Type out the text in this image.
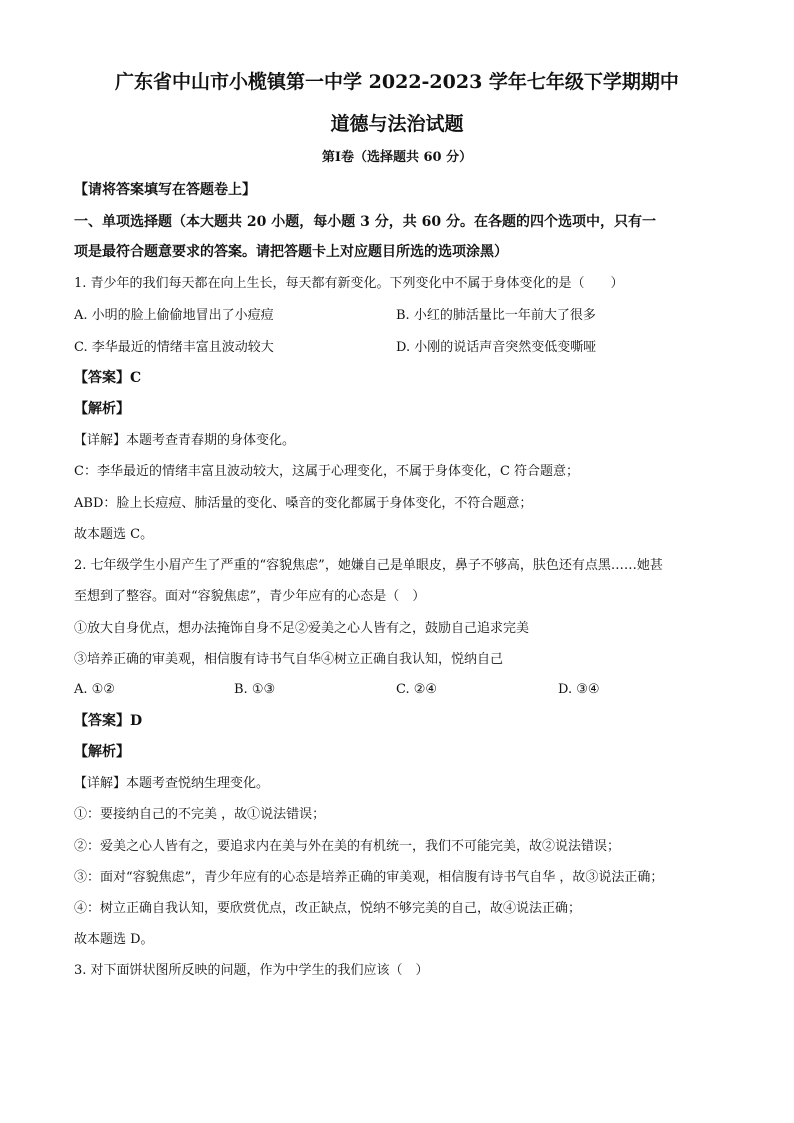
广东省中山市小榄镇第一中学 2022-2023 学年七年级下学期期中
道德与法治试题
第Ⅰ卷（选择题共 60 分）
【请将答案填写在答题卷上】
一、单项选择题（本大题共 20 小题，每小题 3 分，共 60 分。在各题的四个选项中，只有一
项是最符合题意要求的答案。请把答题卡上对应题目所选的选项涂黑）
1. 青少年的我们每天都在向上生长，每天都有新变化。下列变化中不属于身体变化的是（　　）
A. 小明的脸上偷偷地冒出了小痘痘	B. 小红的肺活量比一年前大了很多
C. 李华最近的情绪丰富且波动较大	D. 小刚的说话声音突然变低变嘶哑
【答案】C
【解析】
【详解】本题考查青春期的身体变化。
C：李华最近的情绪丰富且波动较大，这属于心理变化，不属于身体变化，C 符合题意；
ABD：脸上长痘痘、肺活量的变化、嗓音的变化都属于身体变化，不符合题意；
故本题选 C。
2. 七年级学生小眉产生了严重的“容貌焦虑”，她嫌自己是单眼皮，鼻子不够高，肤色还有点黑……她甚
至想到了整容。面对“容貌焦虑”，青少年应有的心态是（　）
①放大自身优点，想办法掩饰自身不足②爱美之心人皆有之，鼓励自己追求完美
③培养正确的审美观，相信腹有诗书气自华④树立正确自我认知，悦纳自己
A. ①②	B. ①③	C. ②④	D. ③④
【答案】D
【解析】
【详解】本题考查悦纳生理变化。
①：要接纳自己的不完美 ，故①说法错误；
②：爱美之心人皆有之，要追求内在美与外在美的有机统一，我们不可能完美，故②说法错误；
③：面对“容貌焦虑”，青少年应有的心态是培养正确的审美观，相信腹有诗书气自华 ，故③说法正确；
④：树立正确自我认知，要欣赏优点，改正缺点，悦纳不够完美的自己，故④说法正确；
故本题选 D。
3. 对下面饼状图所反映的问题，作为中学生的我们应该（　）
